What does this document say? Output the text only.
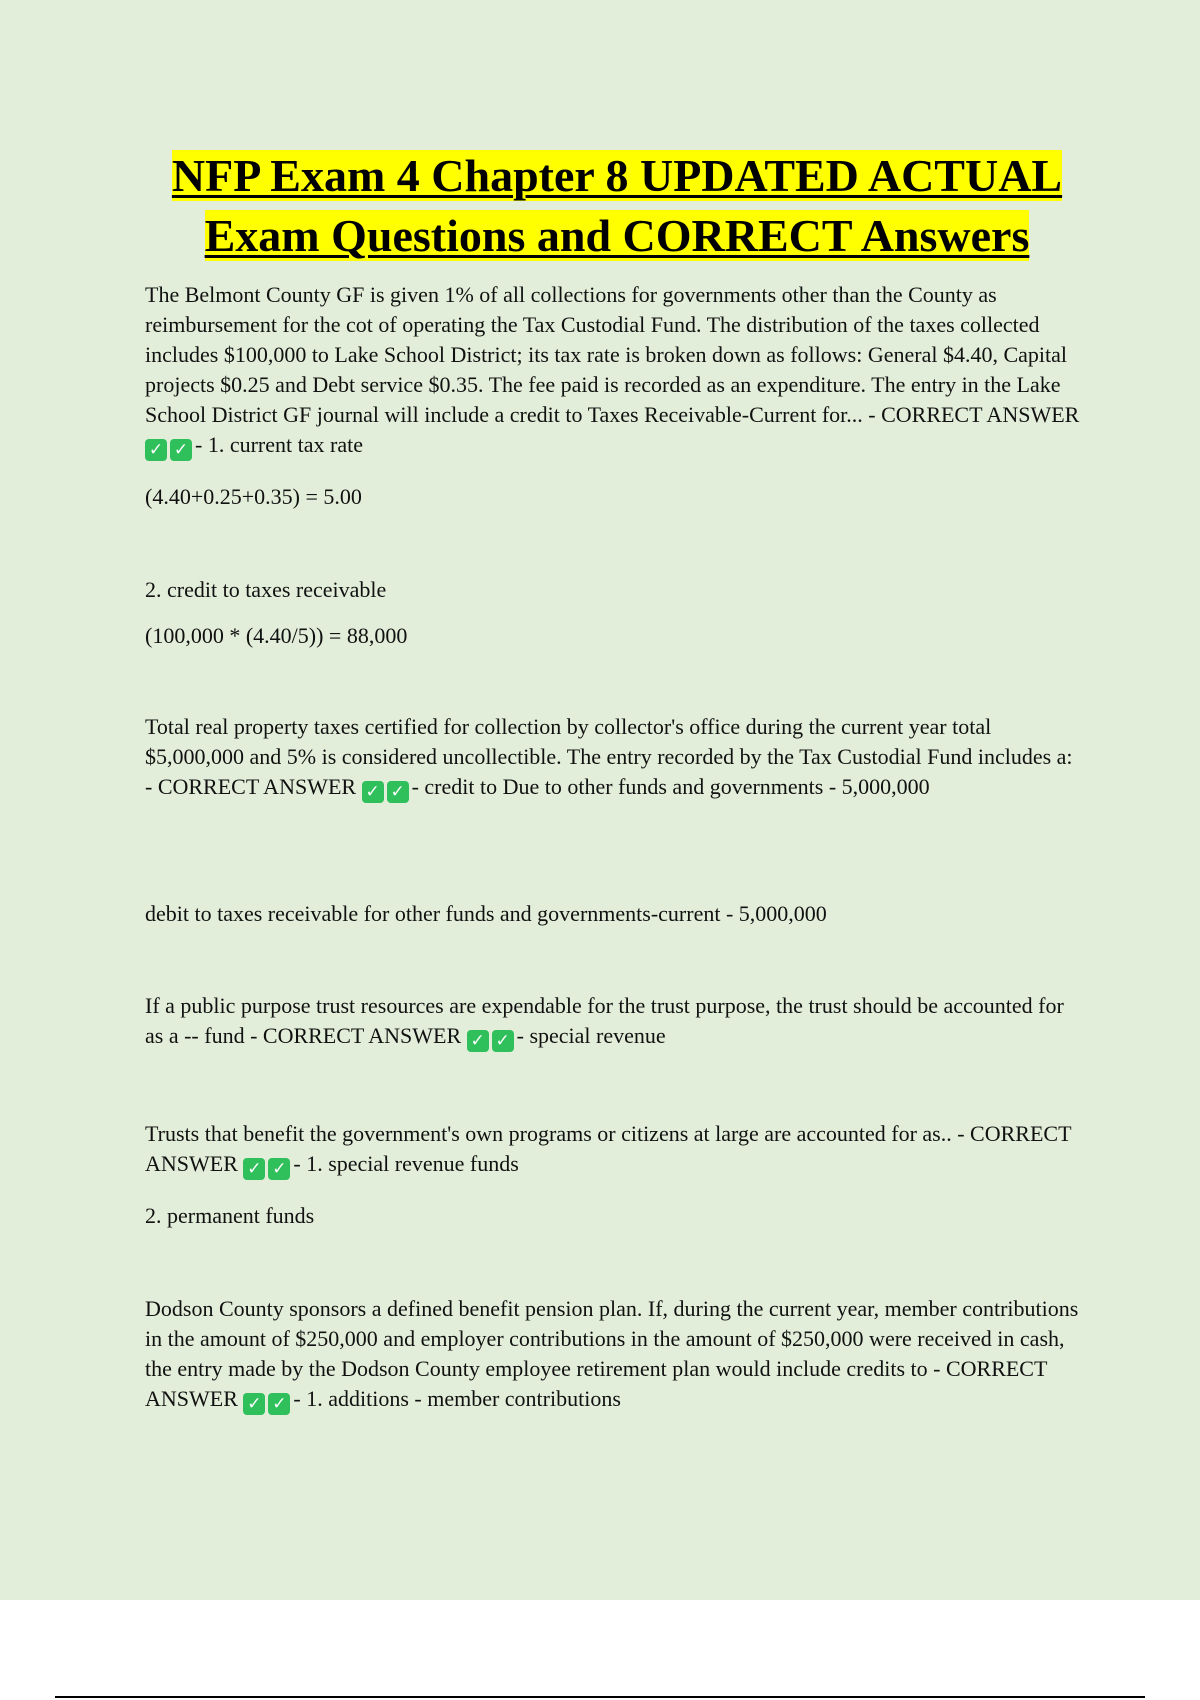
NFP Exam 4 Chapter 8 UPDATED ACTUAL
Exam Questions and CORRECT Answers
The Belmont County GF is given 1% of all collections for governments other than the County as reimbursement for the cot of operating the Tax Custodial Fund. The distribution of the taxes collected includes $100,000 to Lake School District; its tax rate is broken down as follows: General $4.40, Capital projects $0.25 and Debt service $0.35. The fee paid is recorded as an expenditure. The entry in the Lake School District GF journal will include a credit to Taxes Receivable-Current for... - CORRECT ANSWER ✓ ✓ - 1. current tax rate
(4.40+0.25+0.35) = 5.00
2. credit to taxes receivable
(100,000 * (4.40/5)) = 88,000
Total real property taxes certified for collection by collector's office during the current year total $5,000,000 and 5% is considered uncollectible. The entry recorded by the Tax Custodial Fund includes a: - CORRECT ANSWER ✓ ✓ - credit to Due to other funds and governments - 5,000,000
debit to taxes receivable for other funds and governments-current - 5,000,000
If a public purpose trust resources are expendable for the trust purpose, the trust should be accounted for as a -- fund - CORRECT ANSWER ✓ ✓ - special revenue
Trusts that benefit the government's own programs or citizens at large are accounted for as.. - CORRECT ANSWER ✓ ✓ - 1. special revenue funds
2. permanent funds
Dodson County sponsors a defined benefit pension plan. If, during the current year, member contributions in the amount of $250,000 and employer contributions in the amount of $250,000 were received in cash, the entry made by the Dodson County employee retirement plan would include credits to - CORRECT ANSWER ✓ ✓ - 1. additions - member contributions
